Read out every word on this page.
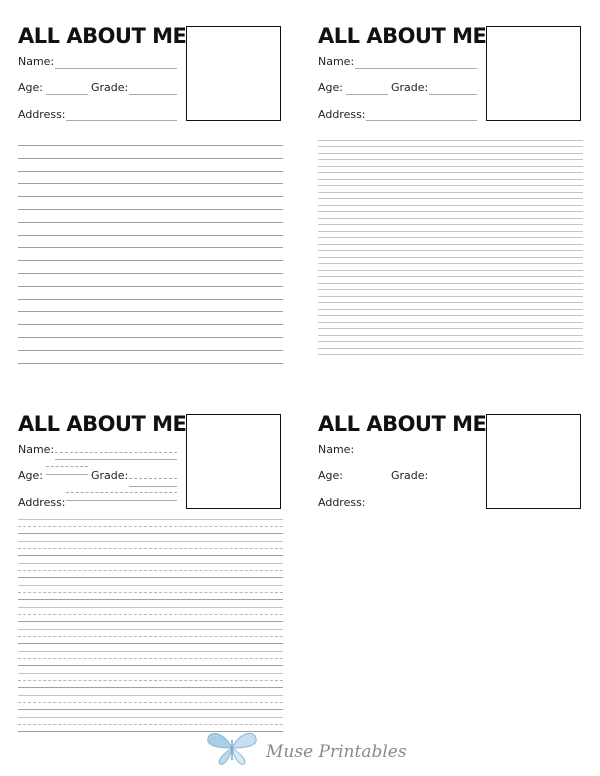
ALL ABOUT ME
Name:
Age:	Grade:
Address:
ALL ABOUT ME
Name:
Age:	Grade:
Address:
ALL ABOUT ME
Name:
Age:	Grade:
Address:
ALL ABOUT ME
Name:
Age:	Grade:
Address:
Muse Printables
